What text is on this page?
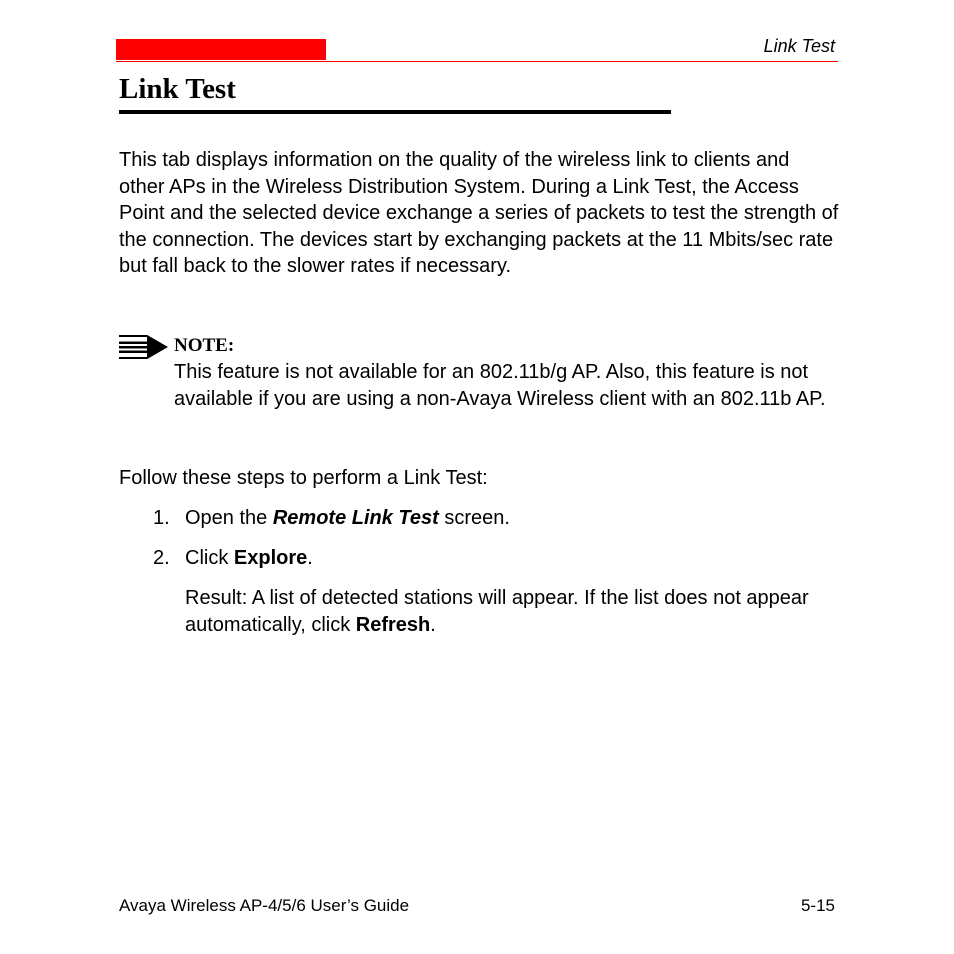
Link Test
Link Test

This tab displays information on the quality of the wireless link to clients and other APs in the Wireless Distribution System. During a Link Test, the Access Point and the selected device exchange a series of packets to test the strength of the connection. The devices start by exchanging packets at the 11 Mbits/sec rate but fall back to the slower rates if necessary.

NOTE:

This feature is not available for an 802.11b/g AP. Also, this feature is not available if you are using a non-Avaya Wireless client with an 802.11b AP.

Follow these steps to perform a Link Test:

1. Open the Remote Link Test screen.
2. Click Explore.

Result: A list of detected stations will appear. If the list does not appear automatically, click Refresh.

Avaya Wireless AP-4/5/6 User’s Guide	5-15
